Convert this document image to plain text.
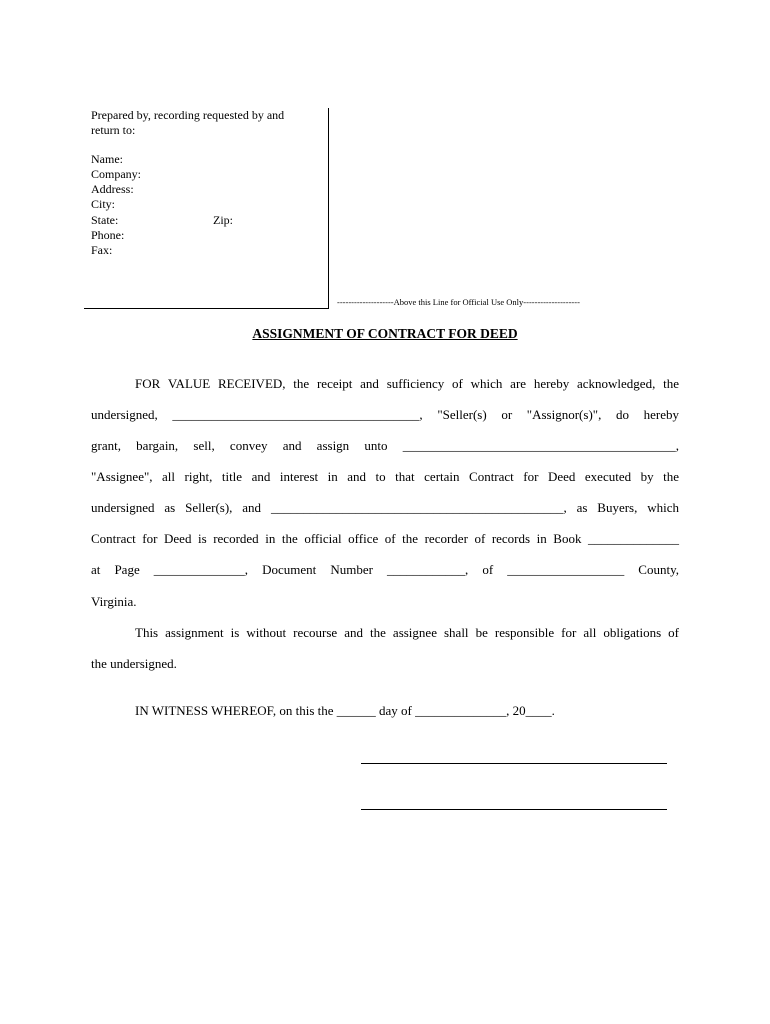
Prepared by, recording requested by and
return to:
Name:
Company:
Address:
City:
State:	Zip:
Phone:
Fax:
--------------------Above this Line for Official Use Only--------------------
ASSIGNMENT OF CONTRACT FOR DEED
FOR VALUE RECEIVED, the receipt and sufficiency of which are hereby acknowledged, the
undersigned, ______________________________________, "Seller(s) or "Assignor(s)", do hereby
grant, bargain, sell, convey and assign unto __________________________________________,
"Assignee", all right, title and interest in and to that certain Contract for Deed executed by the
undersigned as Seller(s), and _____________________________________________, as Buyers, which
Contract for Deed is recorded in the official office of the recorder of records in Book ______________
at Page ______________, Document Number ____________, of __________________ County,
Virginia.
This assignment is without recourse and the assignee shall be responsible for all obligations of
the undersigned.
IN WITNESS WHEREOF, on this the ______ day of ______________, 20____.
